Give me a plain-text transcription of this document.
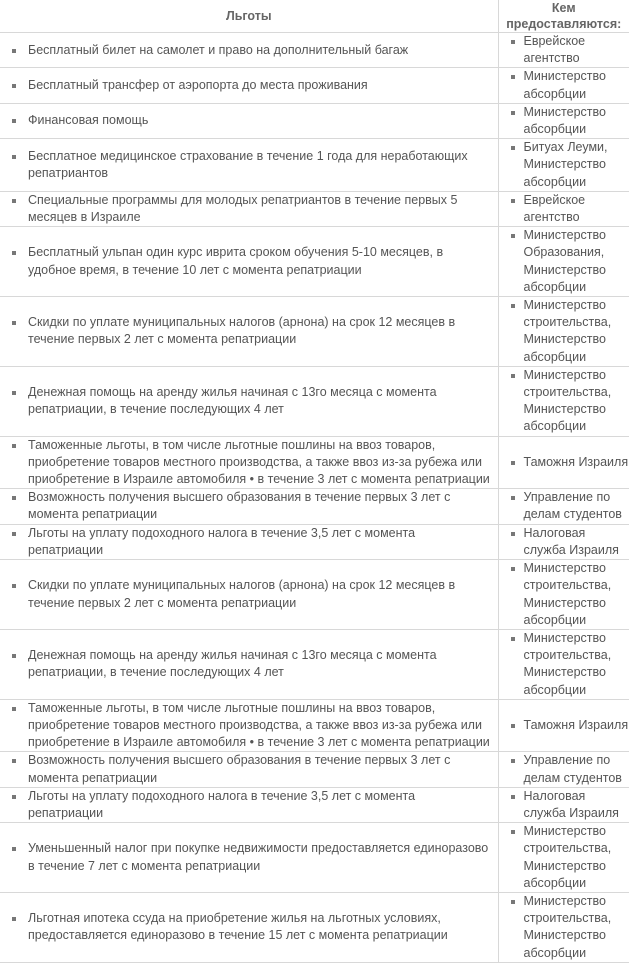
Льготы	Кем предоставляются:

Бесплатный билет на самолет и право на дополнительный багаж	Еврейское агентство

Бесплатный трансфер от аэропорта до места проживания	Министерство абсорбции

Финансовая помощь	Министерство абсорбции

Бесплатное медицинское страхование в течение 1 года для неработающих репатриантов	Битуах Леуми, Министерство абсорбции

Специальные программы для молодых репатриантов в течение первых 5 месяцев в Израиле	Еврейское агентство

Бесплатный ульпан один курс иврита сроком обучения 5-10 месяцев, в удобное время, в течение 10 лет с момента репатриации	Министерство Образования, Министерство абсорбции

Скидки по уплате муниципальных налогов (арнона) на срок 12 месяцев в течение первых 2 лет с момента репатриации	Министерство строительства, Министерство абсорбции

Денежная помощь на аренду жилья начиная с 13го месяца с момента репатриации, в течение последующих 4 лет	Министерство строительства, Министерство абсорбции

Таможенные льготы, в том числе льготные пошлины на ввоз товаров, приобретение товаров местного производства, а также ввоз из-за рубежа или приобретение в Израиле автомобиля • в течение 3 лет с момента репатриации	Таможня Израиля

Возможность получения высшего образования в течение первых 3 лет с момента репатриации	Управление по делам студентов

Льготы на уплату подоходного налога в течение 3,5 лет с момента репатриации	Налоговая служба Израиля

Скидки по уплате муниципальных налогов (арнона) на срок 12 месяцев в течение первых 2 лет с момента репатриации	Министерство строительства, Министерство абсорбции

Денежная помощь на аренду жилья начиная с 13го месяца с момента репатриации, в течение последующих 4 лет	Министерство строительства, Министерство абсорбции

Таможенные льготы, в том числе льготные пошлины на ввоз товаров, приобретение товаров местного производства, а также ввоз из-за рубежа или приобретение в Израиле автомобиля • в течение 3 лет с момента репатриации	Таможня Израиля

Возможность получения высшего образования в течение первых 3 лет с момента репатриации	Управление по делам студентов

Льготы на уплату подоходного налога в течение 3,5 лет с момента репатриации	Налоговая служба Израиля

Уменьшенный налог при покупке недвижимости предоставляется единоразово в течение 7 лет с момента репатриации	Министерство строительства, Министерство абсорбции

Льготная ипотека ссуда на приобретение жилья на льготных условиях, предоставляется единоразово в течение 15 лет с момента репатриации	Министерство строительства, Министерство абсорбции
